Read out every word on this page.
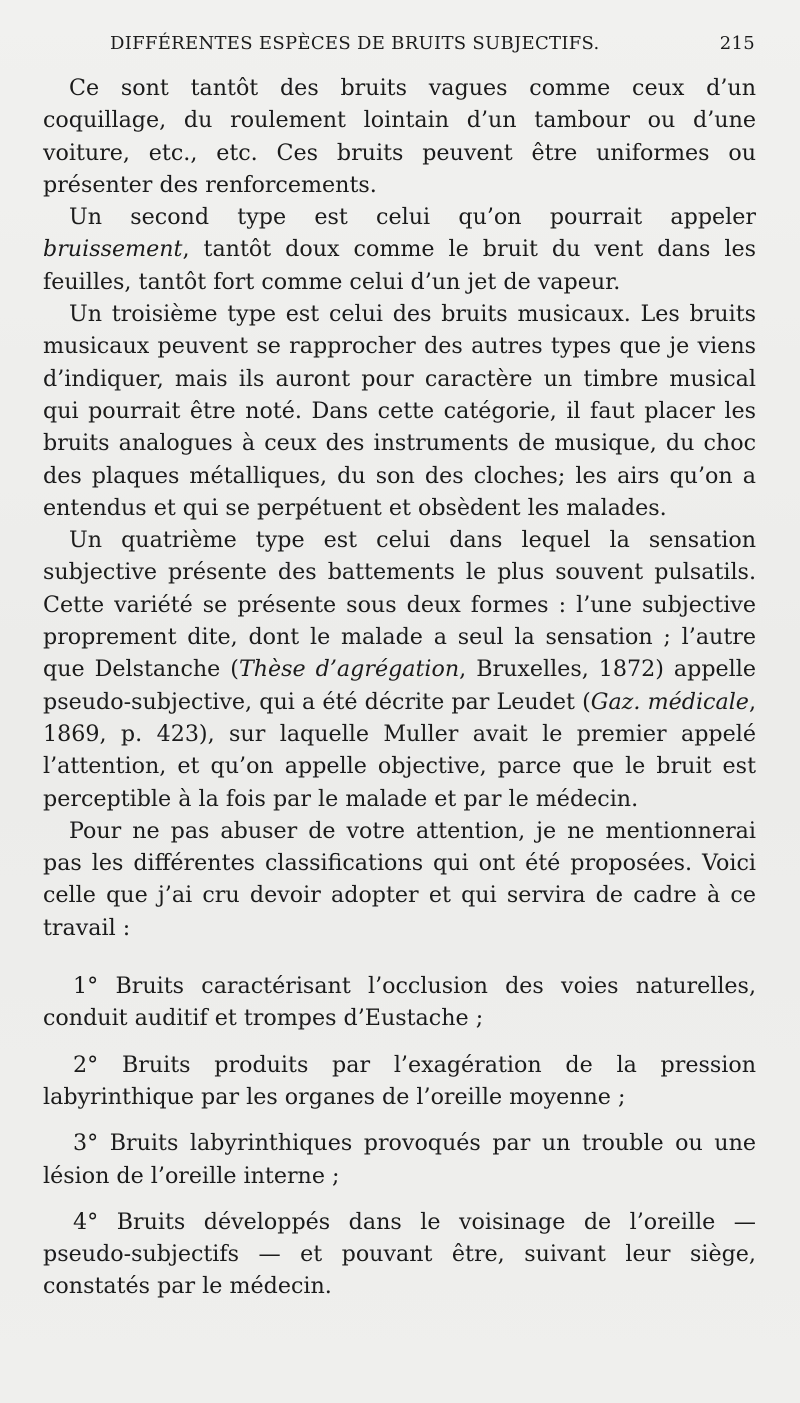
DIFFÉRENTES ESPÈCES DE BRUITS SUBJECTIFS.	215

Ce sont tantôt des bruits vagues comme ceux d’un coquillage, du roulement lointain d’un tambour ou d’une voiture, etc., etc. Ces bruits peuvent être uniformes ou présenter des renforcements.

Un second type est celui qu’on pourrait appeler bruissement, tantôt doux comme le bruit du vent dans les feuilles, tantôt fort comme celui d’un jet de vapeur.

Un troisième type est celui des bruits musicaux. Les bruits musicaux peuvent se rapprocher des autres types que je viens d’indiquer, mais ils auront pour caractère un timbre musical qui pourrait être noté. Dans cette catégorie, il faut placer les bruits analogues à ceux des instruments de musique, du choc des plaques métalliques, du son des cloches; les airs qu’on a entendus et qui se perpétuent et obsèdent les malades.

Un quatrième type est celui dans lequel la sensation subjective présente des battements le plus souvent pulsatils. Cette variété se présente sous deux formes : l’une subjective proprement dite, dont le malade a seul la sensation ; l’autre que Delstanche (Thèse d’agrégation, Bruxelles, 1872) appelle pseudo-subjective, qui a été décrite par Leudet (Gaz. médicale, 1869, p. 423), sur laquelle Muller avait le premier appelé l’attention, et qu’on appelle objective, parce que le bruit est perceptible à la fois par le malade et par le médecin.

Pour ne pas abuser de votre attention, je ne mentionnerai pas les différentes classifications qui ont été proposées. Voici celle que j’ai cru devoir adopter et qui servira de cadre à ce travail :

1° Bruits caractérisant l’occlusion des voies naturelles, conduit auditif et trompes d’Eustache ;

2° Bruits produits par l’exagération de la pression labyrinthique par les organes de l’oreille moyenne ;

3° Bruits labyrinthiques provoqués par un trouble ou une lésion de l’oreille interne ;

4° Bruits développés dans le voisinage de l’oreille — pseudo-subjectifs — et pouvant être, suivant leur siège, constatés par le médecin.
